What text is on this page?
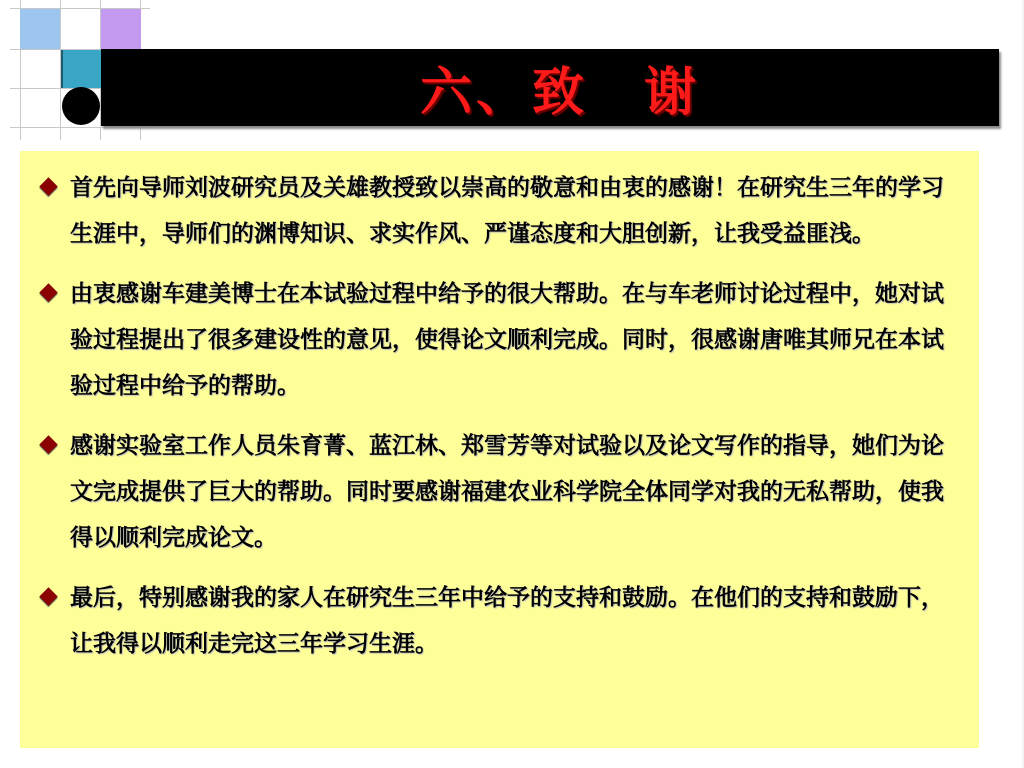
六、致　谢
首先向导师刘波研究员及关雄教授致以崇高的敬意和由衷的感谢！在研究生三年的学习生涯中，导师们的渊博知识、求实作风、严谨态度和大胆创新，让我受益匪浅。
由衷感谢车建美博士在本试验过程中给予的很大帮助。在与车老师讨论过程中，她对试验过程提出了很多建设性的意见，使得论文顺利完成。同时，很感谢唐唯其师兄在本试验过程中给予的帮助。
感谢实验室工作人员朱育菁、蓝江林、郑雪芳等对试验以及论文写作的指导，她们为论文完成提供了巨大的帮助。同时要感谢福建农业科学院全体同学对我的无私帮助，使我得以顺利完成论文。
最后，特别感谢我的家人在研究生三年中给予的支持和鼓励。在他们的支持和鼓励下，让我得以顺利走完这三年学习生涯。
